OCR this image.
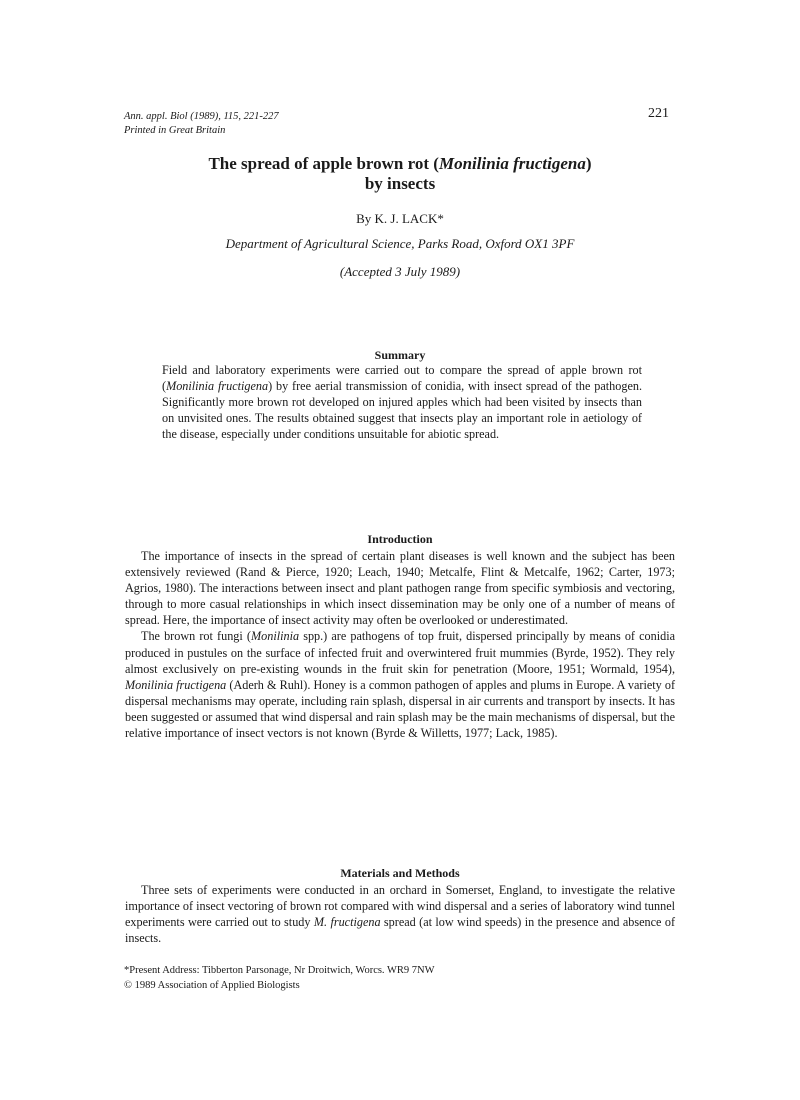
Ann. appl. Biol (1989), 115, 221-227
Printed in Great Britain
221
The spread of apple brown rot (Monilinia fructigena)
by insects
By K. J. LACK*
Department of Agricultural Science, Parks Road, Oxford OX1 3PF
(Accepted 3 July 1989)
Summary
Field and laboratory experiments were carried out to compare the spread of apple brown rot (Monilinia fructigena) by free aerial transmission of conidia, with insect spread of the pathogen. Significantly more brown rot developed on injured apples which had been visited by insects than on unvisited ones. The results obtained suggest that insects play an important role in aetiology of the disease, especially under conditions unsuitable for abiotic spread.
Introduction

The importance of insects in the spread of certain plant diseases is well known and the subject has been extensively reviewed (Rand & Pierce, 1920; Leach, 1940; Metcalfe, Flint & Metcalfe, 1962; Carter, 1973; Agrios, 1980). The interactions between insect and plant pathogen range from specific symbiosis and vectoring, through to more casual relationships in which insect dissemination may be only one of a number of means of spread. Here, the importance of insect activity may often be overlooked or underestimated.

The brown rot fungi (Monilinia spp.) are pathogens of top fruit, dispersed principally by means of conidia produced in pustules on the surface of infected fruit and overwintered fruit mummies (Byrde, 1952). They rely almost exclusively on pre-existing wounds in the fruit skin for penetration (Moore, 1951; Wormald, 1954), Monilinia fructigena (Aderh & Ruhl). Honey is a common pathogen of apples and plums in Europe. A variety of dispersal mechanisms may operate, including rain splash, dispersal in air currents and transport by insects. It has been suggested or assumed that wind dispersal and rain splash may be the main mechanisms of dispersal, but the relative importance of insect vectors is not known (Byrde & Willetts, 1977; Lack, 1985).

Materials and Methods

Three sets of experiments were conducted in an orchard in Somerset, England, to investigate the relative importance of insect vectoring of brown rot compared with wind dispersal and a series of laboratory wind tunnel experiments were carried out to study M. fructigena spread (at low wind speeds) in the presence and absence of insects.

*Present Address: Tibberton Parsonage, Nr Droitwich, Worcs. WR9 7NW
© 1989 Association of Applied Biologists
